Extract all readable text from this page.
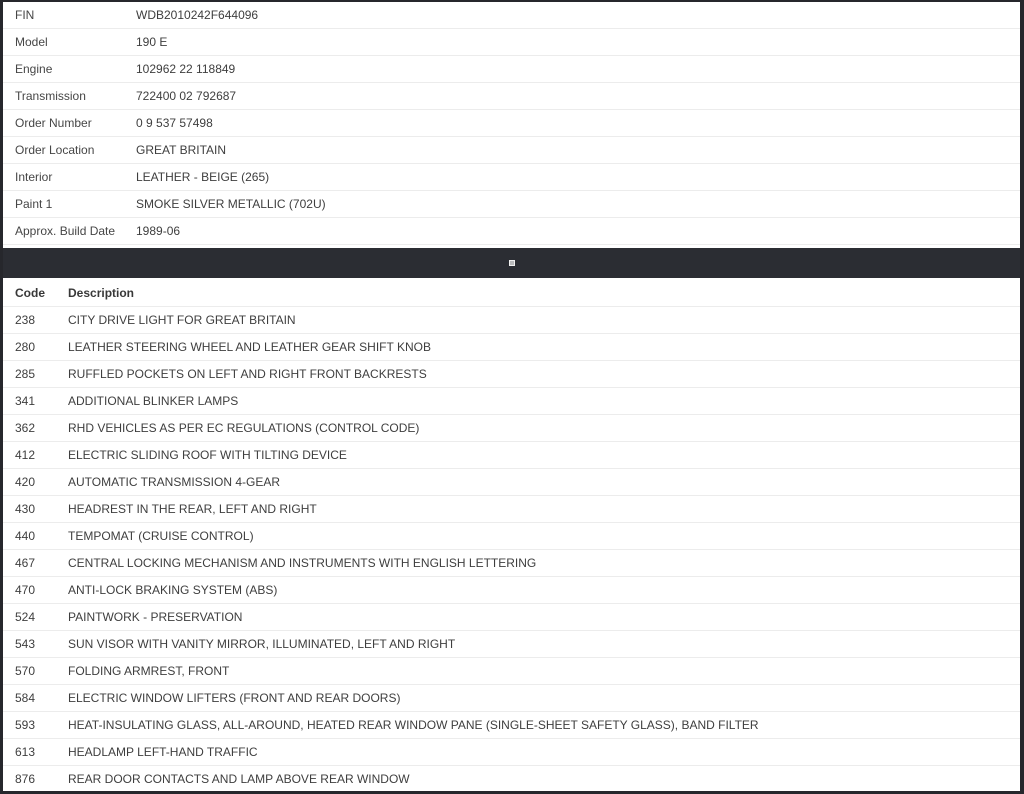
FIN	WDB2010242F644096
Model	190 E
Engine	102962 22 118849
Transmission	722400 02 792687
Order Number	0 9 537 57498
Order Location	GREAT BRITAIN
Interior	LEATHER - BEIGE (265)
Paint 1	SMOKE SILVER METALLIC (702U)
Approx. Build Date	1989-06
Code	Description
238	CITY DRIVE LIGHT FOR GREAT BRITAIN
280	LEATHER STEERING WHEEL AND LEATHER GEAR SHIFT KNOB
285	RUFFLED POCKETS ON LEFT AND RIGHT FRONT BACKRESTS
341	ADDITIONAL BLINKER LAMPS
362	RHD VEHICLES AS PER EC REGULATIONS (CONTROL CODE)
412	ELECTRIC SLIDING ROOF WITH TILTING DEVICE
420	AUTOMATIC TRANSMISSION 4-GEAR
430	HEADREST IN THE REAR, LEFT AND RIGHT
440	TEMPOMAT (CRUISE CONTROL)
467	CENTRAL LOCKING MECHANISM AND INSTRUMENTS WITH ENGLISH LETTERING
470	ANTI-LOCK BRAKING SYSTEM (ABS)
524	PAINTWORK - PRESERVATION
543	SUN VISOR WITH VANITY MIRROR, ILLUMINATED, LEFT AND RIGHT
570	FOLDING ARMREST, FRONT
584	ELECTRIC WINDOW LIFTERS (FRONT AND REAR DOORS)
593	HEAT-INSULATING GLASS, ALL-AROUND, HEATED REAR WINDOW PANE (SINGLE-SHEET SAFETY GLASS), BAND FILTER
613	HEADLAMP LEFT-HAND TRAFFIC
876	REAR DOOR CONTACTS AND LAMP ABOVE REAR WINDOW
